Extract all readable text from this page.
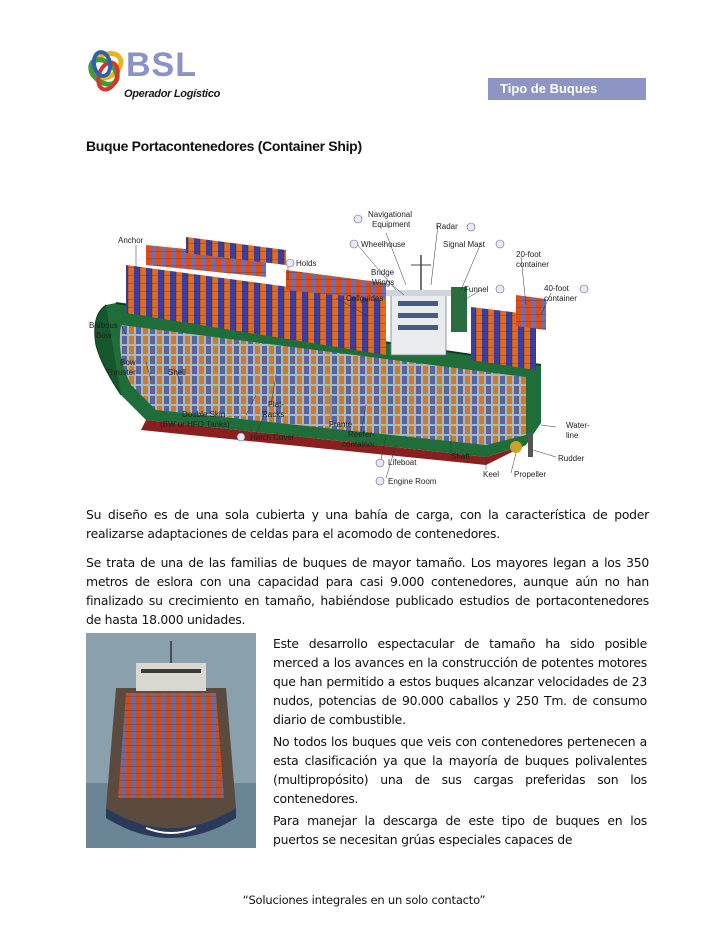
BSL
Operador Logístico	Tipo de Buques
Buque Portacontenedores (Container Ship)
Anchor
Holds
Navigational
Equipment	Radar
Wheelhouse	Signal Mast
Bridge
Wings
Cellguides
Funnel
20-foot
container
40-foot
container
Balbous
Bow
Bow
Thruster	Shell
Flat-
Racks
Double Skin
(BW or HFO Tanks)
Hatch Cover
Frame
Reefer-
container
Water-
line
Lifeboat
Shaft	Rudder
Keel Propeller
Engine Room
Su diseño es de una sola cubierta y una bahía de carga, con la característica de poder realizarse adaptaciones de celdas para el acomodo de contenedores.
Se trata de una de las familias de buques de mayor tamaño. Los mayores legan a los 350 metros de eslora con una capacidad para casi 9.000 contenedores, aunque aún no han finalizado su crecimiento en tamaño, habiéndose publicado estudios de portacontenedores de hasta 18.000 unidades.
Este desarrollo espectacular de tamaño ha sido posible merced a los avances en la construcción de potentes motores que han permitido a estos buques alcanzar velocidades de 23 nudos, potencias de 90.000 caballos y 250 Tm. de consumo diario de combustible.
No todos los buques que veis con contenedores pertenecen a esta clasificación ya que la mayoría de buques polivalentes (multipropósito) una de sus cargas preferidas son los contenedores.
Para manejar la descarga de este tipo de buques en los puertos se necesitan grúas especiales capaces de
“Soluciones integrales en un solo contacto”
